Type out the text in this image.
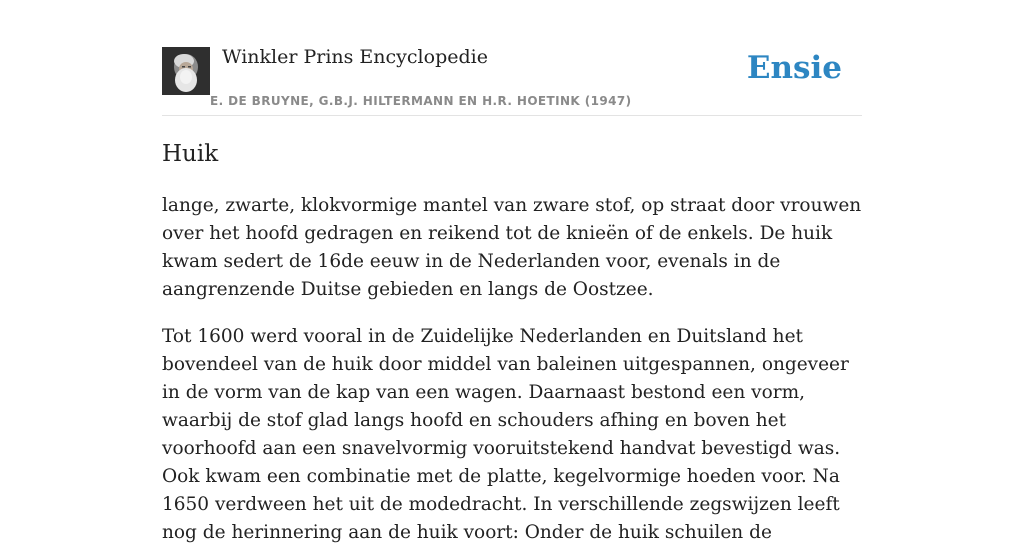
Winkler Prins Encyclopedie
E. DE BRUYNE, G.B.J. HILTERMANN EN H.R. HOETINK (1947)
Ensie
Huik

lange, zwarte, klokvormige mantel van zware stof, op straat door vrouwen over het hoofd gedragen en reikend tot de knieën of de enkels. De huik kwam sedert de 16de eeuw in de Nederlanden voor, evenals in de aangrenzende Duitse gebieden en langs de Oostzee.

Tot 1600 werd vooral in de Zuidelijke Nederlanden en Duitsland het bovendeel van de huik door middel van baleinen uitgespannen, ongeveer in de vorm van de kap van een wagen. Daarnaast bestond een vorm, waarbij de stof glad langs hoofd en schouders afhing en boven het voorhoofd aan een snavelvormig vooruitstekend handvat bevestigd was. Ook kwam een combinatie met de platte, kegelvormige hoeden voor. Na 1650 verdween het uit de modedracht. In verschillende zegswijzen leeft nog de herinnering aan de huik voort: Onder de huik schuilen de
